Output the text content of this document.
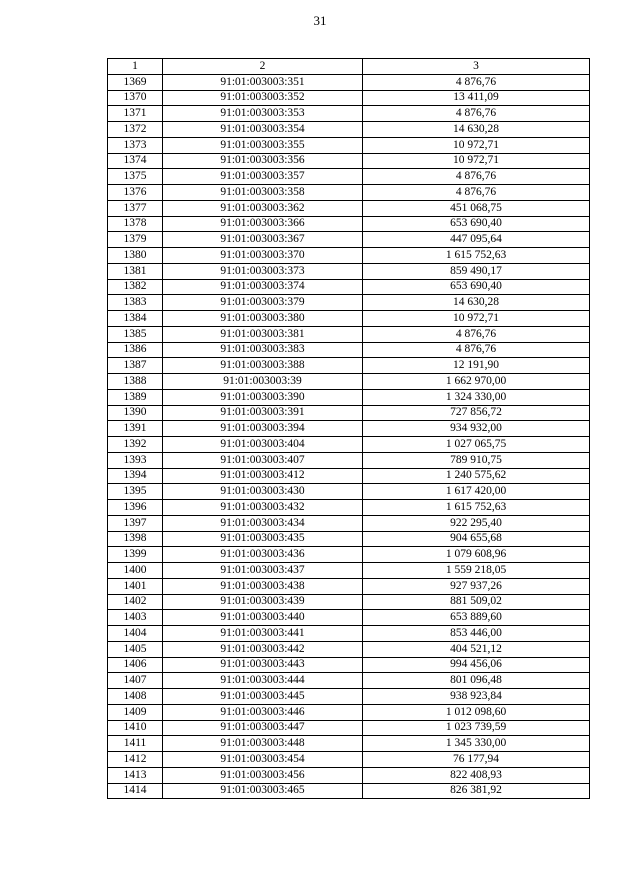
31
1	2	3
1369	91:01:003003:351	4 876,76
1370	91:01:003003:352	13 411,09
1371	91:01:003003:353	4 876,76
1372	91:01:003003:354	14 630,28
1373	91:01:003003:355	10 972,71
1374	91:01:003003:356	10 972,71
1375	91:01:003003:357	4 876,76
1376	91:01:003003:358	4 876,76
1377	91:01:003003:362	451 068,75
1378	91:01:003003:366	653 690,40
1379	91:01:003003:367	447 095,64
1380	91:01:003003:370	1 615 752,63
1381	91:01:003003:373	859 490,17
1382	91:01:003003:374	653 690,40
1383	91:01:003003:379	14 630,28
1384	91:01:003003:380	10 972,71
1385	91:01:003003:381	4 876,76
1386	91:01:003003:383	4 876,76
1387	91:01:003003:388	12 191,90
1388	91:01:003003:39	1 662 970,00
1389	91:01:003003:390	1 324 330,00
1390	91:01:003003:391	727 856,72
1391	91:01:003003:394	934 932,00
1392	91:01:003003:404	1 027 065,75
1393	91:01:003003:407	789 910,75
1394	91:01:003003:412	1 240 575,62
1395	91:01:003003:430	1 617 420,00
1396	91:01:003003:432	1 615 752,63
1397	91:01:003003:434	922 295,40
1398	91:01:003003:435	904 655,68
1399	91:01:003003:436	1 079 608,96
1400	91:01:003003:437	1 559 218,05
1401	91:01:003003:438	927 937,26
1402	91:01:003003:439	881 509,02
1403	91:01:003003:440	653 889,60
1404	91:01:003003:441	853 446,00
1405	91:01:003003:442	404 521,12
1406	91:01:003003:443	994 456,06
1407	91:01:003003:444	801 096,48
1408	91:01:003003:445	938 923,84
1409	91:01:003003:446	1 012 098,60
1410	91:01:003003:447	1 023 739,59
1411	91:01:003003:448	1 345 330,00
1412	91:01:003003:454	76 177,94
1413	91:01:003003:456	822 408,93
1414	91:01:003003:465	826 381,92
